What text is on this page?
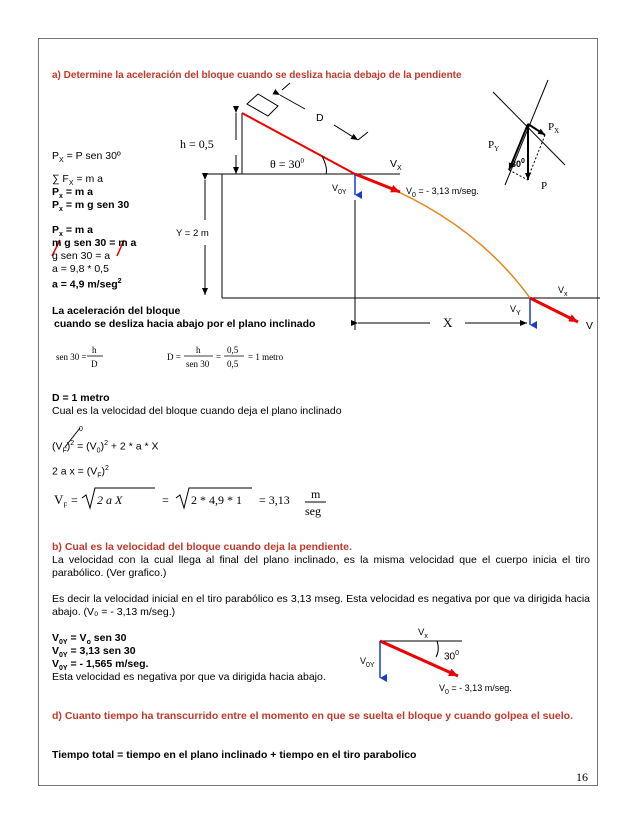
a) Determine la aceleración del bloque cuando se desliza hacia debajo de la pendiente
D
h = 0,5
$\theta = 30^0$	$V_X$
$V_{0Y}$	$V_0$ = - 3,13 m/seg.
Y = 2 m
X
$V_x$
$V_Y$
V
$P_X$
$P_Y$
$30^0$
P
$P_X = P$ sen 30º
∑ $F_X = m$ a
$P_x = m$ a
$P_x = m$ g sen 30
$P_x = m$ a
m g sen 30 = m a
g sen 30 = a
a = 9,8 * 0,5
a = 4,9 m/seg$^2$
La aceleración del bloque
cuando se desliza hacia abajo por el plano inclinado
sen 30 =
h
D
D =
h
sen 30
=
0,5
0,5
= 1 metro
D = 1 metro
Cual es la velocidad del bloque cuando deja el plano inclinado
0
$(V_F)^2 = (V_0)^2 + 2 * a * X$
2 a $x = (V_F)^2$
$V_F = 2$ a X	= 2 * 4,9 * 1 = 3,13 m
seg
b) Cual es la velocidad del bloque cuando deja la pendiente.
La velocidad con la cual llega al final del plano inclinado, es la misma velocidad que el cuerpo inicia el tiro parabólico. (Ver grafico.)
Es decir la velocidad inicial en el tiro parabólico es 3,13 mseg. Esta velocidad es negativa por que va dirigida hacia abajo. (V₀ = - 3,13 m/seg.)
$V_{0Y} = V_o$ sen 30
$V_{0Y} = 3,13$ sen 30
$V_{0Y}$ = - 1,565 m/seg.
Esta velocidad es negativa por que va dirigida hacia abajo.
$V_x$
$V_{0Y}$
$30^0$
$V_0$ = - 3,13 m/seg.
d) Cuanto tiempo ha transcurrido entre el momento en que se suelta el bloque y cuando golpea el suelo.
Tiempo total = tiempo en el plano inclinado + tiempo en el tiro parabolico
16
